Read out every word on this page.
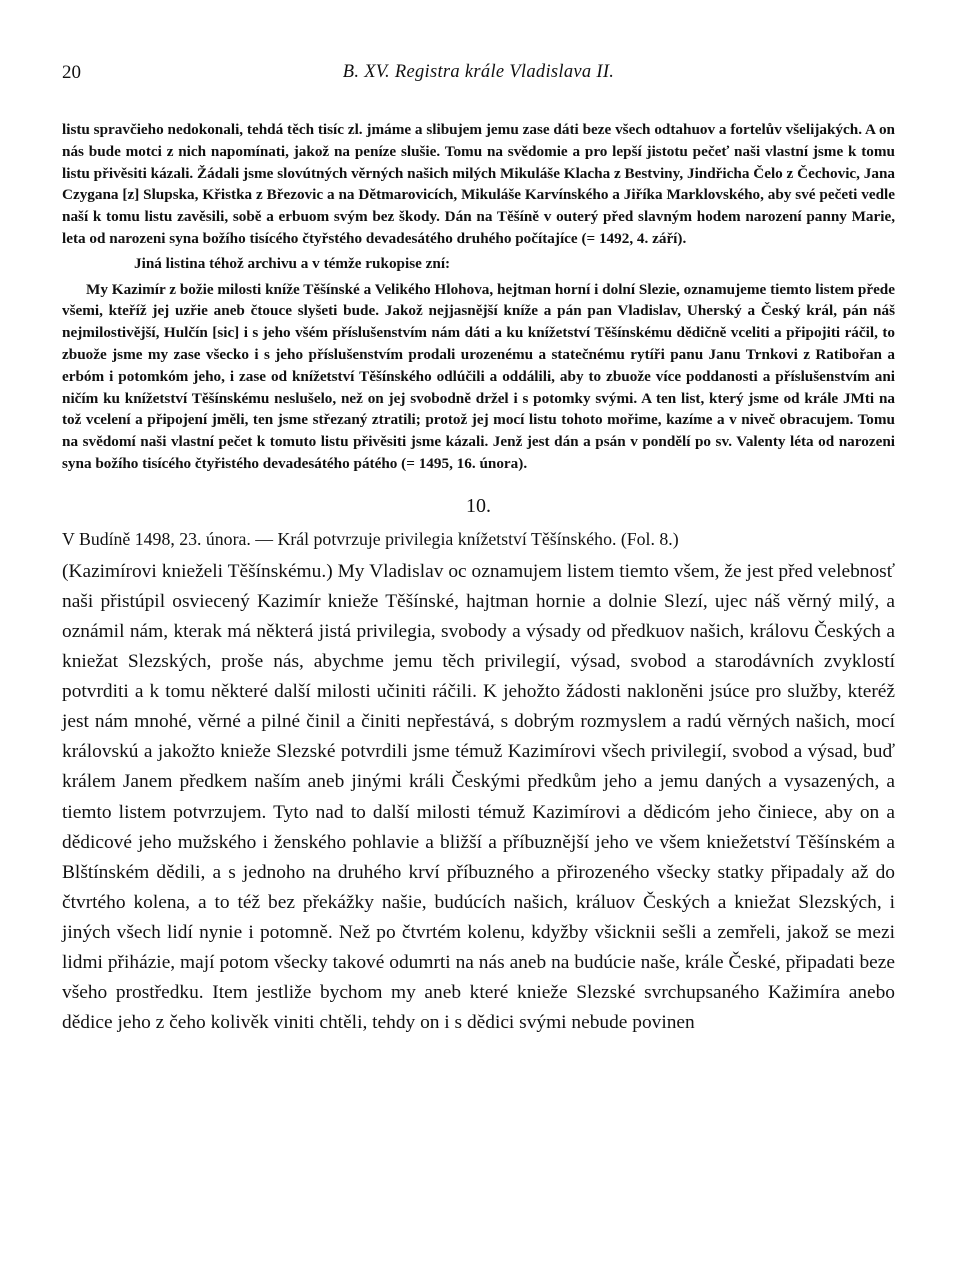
20	B. XV. Registra krále Vladislava II.

listu spravčieho nedokonali, tehdá těch tisíc zl. jmáme a slibujem jemu zase dáti beze všech odtahuov a fortelův všelijakých. A on nás bude motci z nich napomínati, jakož na peníze slušie. Tomu na svědomie a pro lepší jistotu pečeť naši vlastní jsme k tomu listu přivěsiti kázali. Žádali jsme slovútných věrných našich milých Mikuláše Klacha z Bestviny, Jindřicha Čelo z Čechovic, Jana Czygana [z] Slupska, Křistka z Březovic a na Dětmarovicích, Mikuláše Karvínského a Jiříka Marklovského, aby své pečeti vedle naší k tomu listu zavěsili, sobě a erbuom svým bez škody. Dán na Těšíně v outerý před slavným hodem narození panny Marie, leta od narozeni syna božího tisícého čtyřstého devadesátého druhého počítajíce (= 1492, 4. září).

Jiná listina téhož archivu a v témže rukopise zní:

My Kazimír z božie milosti kníže Těšínské a Velikého Hlohova, hejtman horní i dolní Slezie, oznamujeme tiemto listem přede všemi, kteříž jej uzřie aneb čtouce slyšeti bude. Jakož nejjasnější kníže a pán pan Vladislav, Uherský a Český král, pán náš nejmilostivější, Hulčín [sic] i s jeho všém příslušenstvím nám dáti a ku knížetství Těšínskému dědičně vceliti a připojiti ráčil, to zbuože jsme my zase všecko i s jeho příslušenstvím prodali urozenému a statečnému rytíři panu Janu Trnkovi z Ratibořan a erbóm i potomkóm jeho, i zase od knížetství Těšínského odlúčili a oddálili, aby to zbuože více poddanosti a příslušenstvím ani ničím ku knížetství Těšínskému neslušelo, než on jej svobodně držel i s potomky svými. A ten list, který jsme od krále JMti na tož vcelení a připojení jměli, ten jsme střezaný ztratili; protož jej mocí listu tohoto mořime, kazíme a v niveč obracujem. Tomu na svědomí naši vlastní pečet k tomuto listu přivěsiti jsme kázali. Jenž jest dán a psán v pondělí po sv. Valenty léta od narozeni syna božího tisícého čtyřistého devadesátého pátého (= 1495, 16. února).

10.

V Budíně 1498, 23. února. — Král potvrzuje privilegia knížetství Těšínského. (Fol. 8.)

(Kazimírovi knieželi Těšínskému.) My Vladislav oc oznamujem listem tiemto všem, že jest před velebnosť naši přistúpil osviecený Kazimír knieže Těšínské, hajtman hornie a dolnie Slezí, ujec náš věrný milý, a oznámil nám, kterak má některá jistá privilegia, svobody a výsady od předkuov našich, královu Českých a kniežat Slezských, proše nás, abychme jemu těch privilegií, výsad, svobod a starodávních zvyklostí potvrditi a k tomu některé další milosti učiniti ráčili. K jehožto žádosti nakloněni jsúce pro služby, kteréž jest nám mnohé, věrné a pilné činil a činiti nepřestává, s dobrým rozmyslem a radú věrných našich, mocí královskú a jakožto knieže Slezské potvrdili jsme témuž Kazimírovi všech privilegií, svobod a výsad, buď králem Janem předkem naším aneb jinými králi Českými předkům jeho a jemu daných a vysazených, a tiemto listem potvrzujem. Tyto nad to další milosti témuž Kazimírovi a dědicóm jeho činiece, aby on a dědicové jeho mužského i ženského pohlavie a bližší a příbuznější jeho ve všem kniežetství Těšínském a Blštínském dědili, a s jednoho na druhého krví příbuzného a přirozeného všecky statky připadaly až do čtvrtého kolena, a to též bez překážky našie, budúcích našich, králuov Českých a kniežat Slezských, i jiných všech lidí nynie i potomně. Než po čtvrtém kolenu, kdyžby všicknii sešli a zemřeli, jakož se mezi lidmi přiházie, mají potom všecky takové odumrti na nás aneb na budúcie naše, krále České, připadati beze všeho prostředku. Item jestliže bychom my aneb které knieže Slezské svrchupsaného Kažimíra anebo dědice jeho z čeho kolivěk viniti chtěli, tehdy on i s dědici svými nebude povinen
